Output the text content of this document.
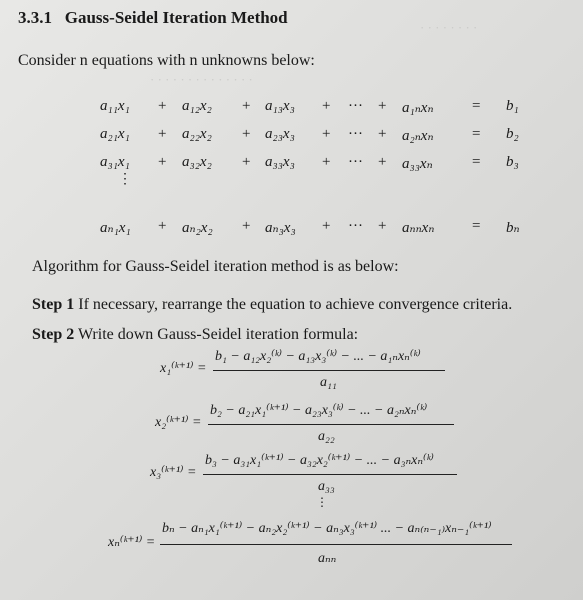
· · · · · · · · · · · · · ·
· · · · · · · ·
3.3.1 Gauss-Seidel Iteration Method
Consider n equations with n unknowns below:
a₁₁x₁ + a₁₂x₂ + a₁₃x₃ + ··· + a₁ₙxₙ	= b₁
a₂₁x₁ + a₂₂x₂ + a₂₃x₃ + ··· + a₂ₙxₙ	= b₂
a₃₁x₁ + a₃₂x₂ + a₃₃x₃ + ··· + a₃₃xₙ	= b₃
⋮
aₙ₁x₁ + aₙ₂x₂ + aₙ₃x₃ + ··· + aₙₙxₙ	= bₙ
Algorithm for Gauss-Seidel iteration method is as below:
Step 1 If necessary, rearrange the equation to achieve convergence criteria.
Step 2 Write down Gauss-Seidel iteration formula:
x₁⁽ᵏ⁺¹⁾ =
b₁ − a₁₂x₂⁽ᵏ⁾ − a₁₃x₃⁽ᵏ⁾ − ... − a₁ₙxₙ⁽ᵏ⁾
a₁₁
x₂⁽ᵏ⁺¹⁾ =
b₂ − a₂₁x₁⁽ᵏ⁺¹⁾ − a₂₃x₃⁽ᵏ⁾ − ... − a₂ₙxₙ⁽ᵏ⁾
a₂₂
x₃⁽ᵏ⁺¹⁾ =
b₃ − a₃₁x₁⁽ᵏ⁺¹⁾ − a₃₂x₂⁽ᵏ⁺¹⁾ − ... − a₃ₙxₙ⁽ᵏ⁾
a₃₃
⋮
xₙ⁽ᵏ⁺¹⁾ =
bₙ − aₙ₁x₁⁽ᵏ⁺¹⁾ − aₙ₂x₂⁽ᵏ⁺¹⁾ − aₙ₃x₃⁽ᵏ⁺¹⁾ ... − aₙ₍ₙ₋₁₎xₙ₋₁⁽ᵏ⁺¹⁾
aₙₙ
